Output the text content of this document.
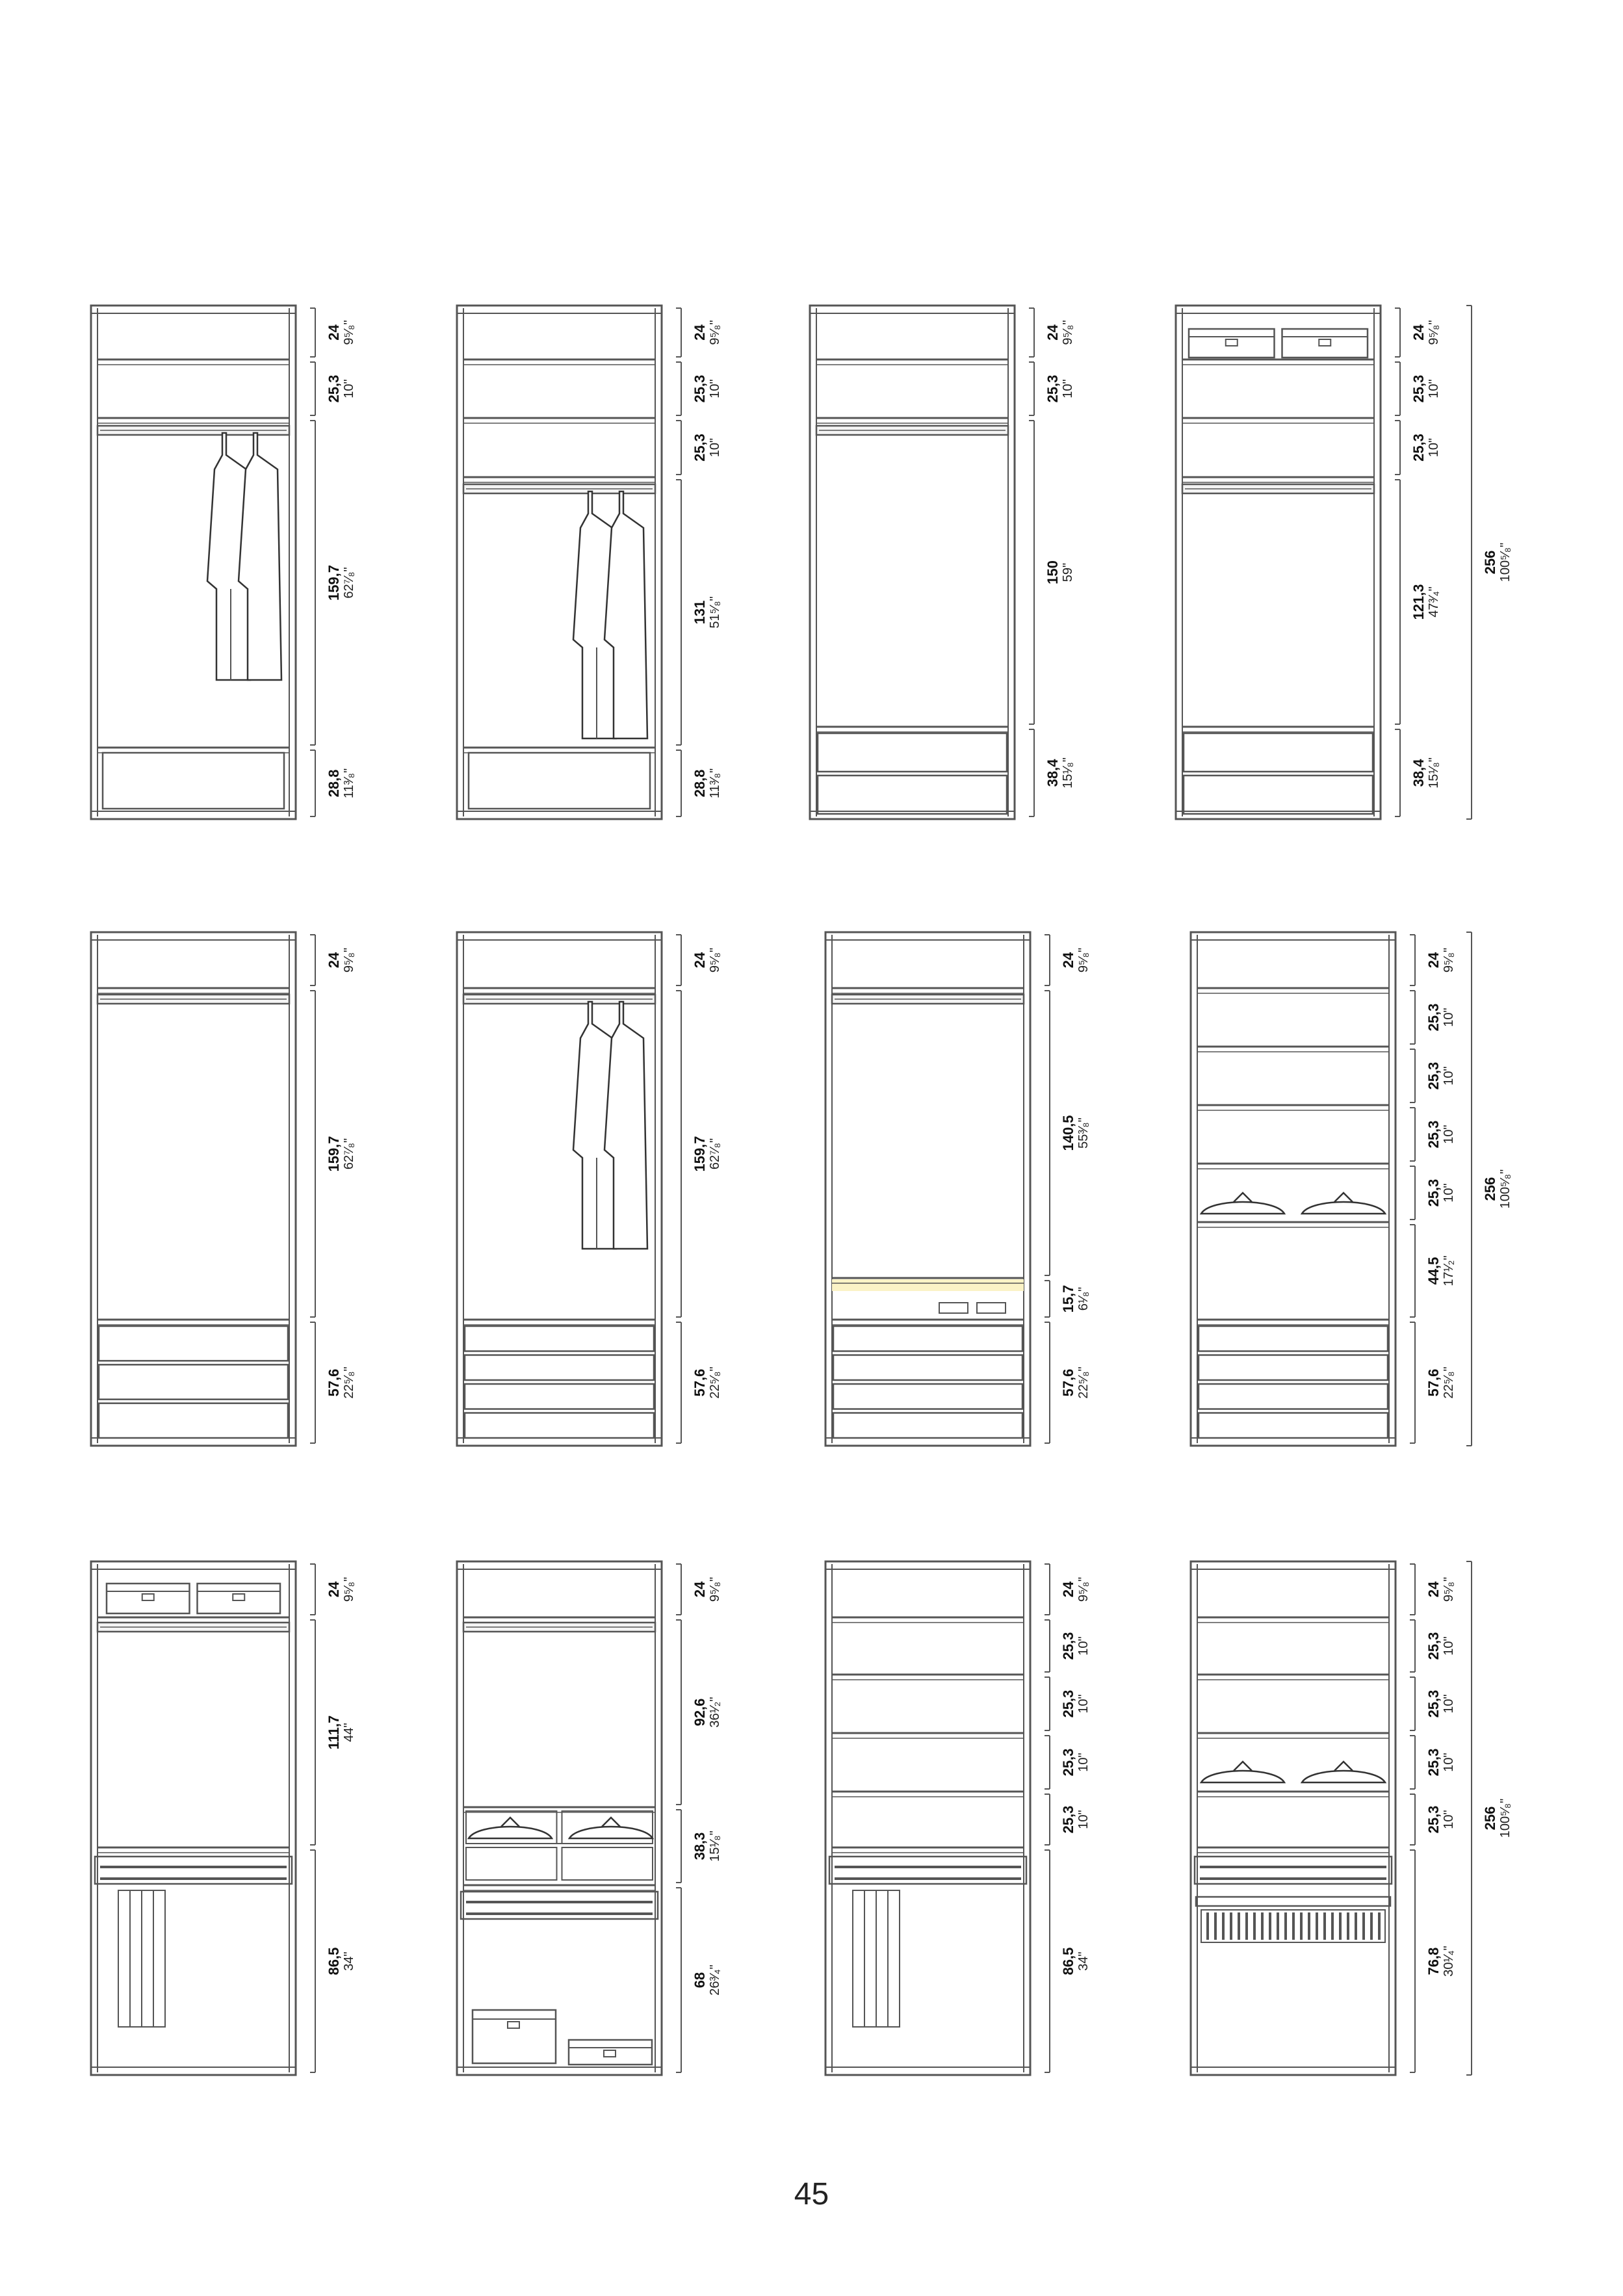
24 9⁵⁄₈"
25,3 10"
159,7 62⁷⁄₈"
28,8 11³⁄₈"
24 9⁵⁄₈"
25,3 10"
25,3 10"
131 51⁵⁄₈"
28,8 11³⁄₈"
24 9⁵⁄₈"
25,3 10"
150 59"
38,4 15¹⁄₈"
24 9⁵⁄₈"
25,3 10"
25,3 10"
121,3 47³⁄₄"
38,4 15¹⁄₈"
256 100⁵⁄₈"
24 9⁵⁄₈"
159,7 62⁷⁄₈"
57,6 22⁵⁄₈"
24 9⁵⁄₈"
159,7 62⁷⁄₈"
57,6 22⁵⁄₈"
24 9⁵⁄₈"
140,5 55³⁄₈"
15,7 6¹⁄₈"
57,6 22⁵⁄₈"
24 9⁵⁄₈"
25,3 10"
25,3 10"
25,3 10"
25,3 10"
44,5 17¹⁄₂"
57,6 22⁵⁄₈"
256 100⁵⁄₈"
24 9⁵⁄₈"
111,7 44"
86,5 34"
24 9⁵⁄₈"
92,6 36¹⁄₂"
38,3 15¹⁄₈"
68 26³⁄₄"
24 9⁵⁄₈"
25,3 10"
25,3 10"
25,3 10"
25,3 10"
86,5 34"
24 9⁵⁄₈"
25,3 10"
25,3 10"
25,3 10"
25,3 10"
76,8 30¹⁄₄"
256 100⁵⁄₈"
45
